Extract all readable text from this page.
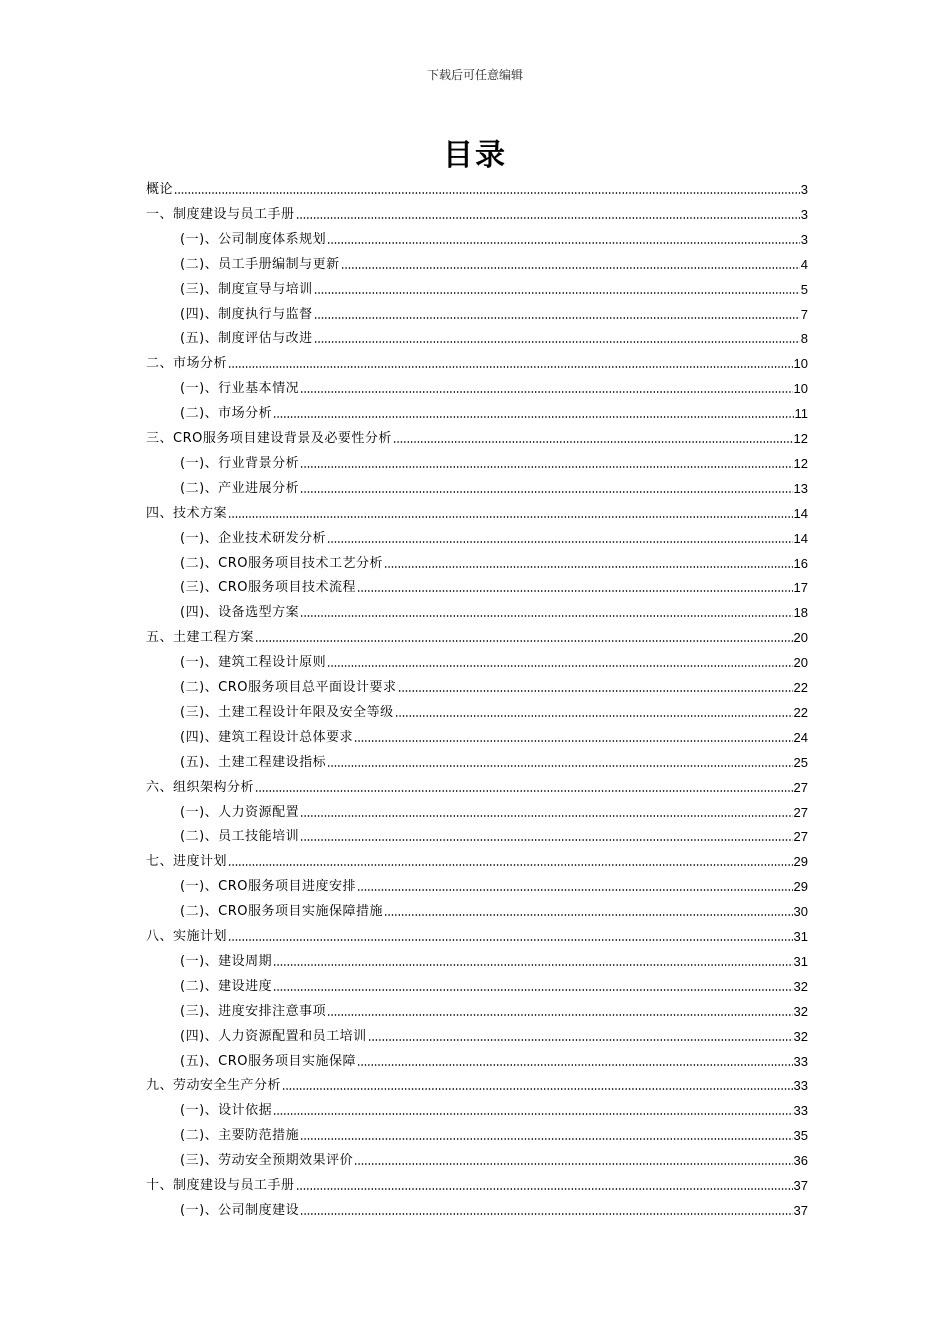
下载后可任意编辑
目录
概论	3
一、制度建设与员工手册	3
(一)、公司制度体系规划	3
(二)、员工手册编制与更新	4
(三)、制度宣导与培训	5
(四)、制度执行与监督	7
(五)、制度评估与改进	8
二、市场分析	10
(一)、行业基本情况	10
(二)、市场分析	11
三、CRO服务项目建设背景及必要性分析	12
(一)、行业背景分析	12
(二)、产业进展分析	13
四、技术方案	14
(一)、企业技术研发分析	14
(二)、CRO服务项目技术工艺分析	16
(三)、CRO服务项目技术流程	17
(四)、设备选型方案	18
五、土建工程方案	20
(一)、建筑工程设计原则	20
(二)、CRO服务项目总平面设计要求	22
(三)、土建工程设计年限及安全等级	22
(四)、建筑工程设计总体要求	24
(五)、土建工程建设指标	25
六、组织架构分析	27
(一)、人力资源配置	27
(二)、员工技能培训	27
七、进度计划	29
(一)、CRO服务项目进度安排	29
(二)、CRO服务项目实施保障措施	30
八、实施计划	31
(一)、建设周期	31
(二)、建设进度	32
(三)、进度安排注意事项	32
(四)、人力资源配置和员工培训	32
(五)、CRO服务项目实施保障	33
九、劳动安全生产分析	33
(一)、设计依据	33
(二)、主要防范措施	35
(三)、劳动安全预期效果评价	36
十、制度建设与员工手册	37
(一)、公司制度建设	37
